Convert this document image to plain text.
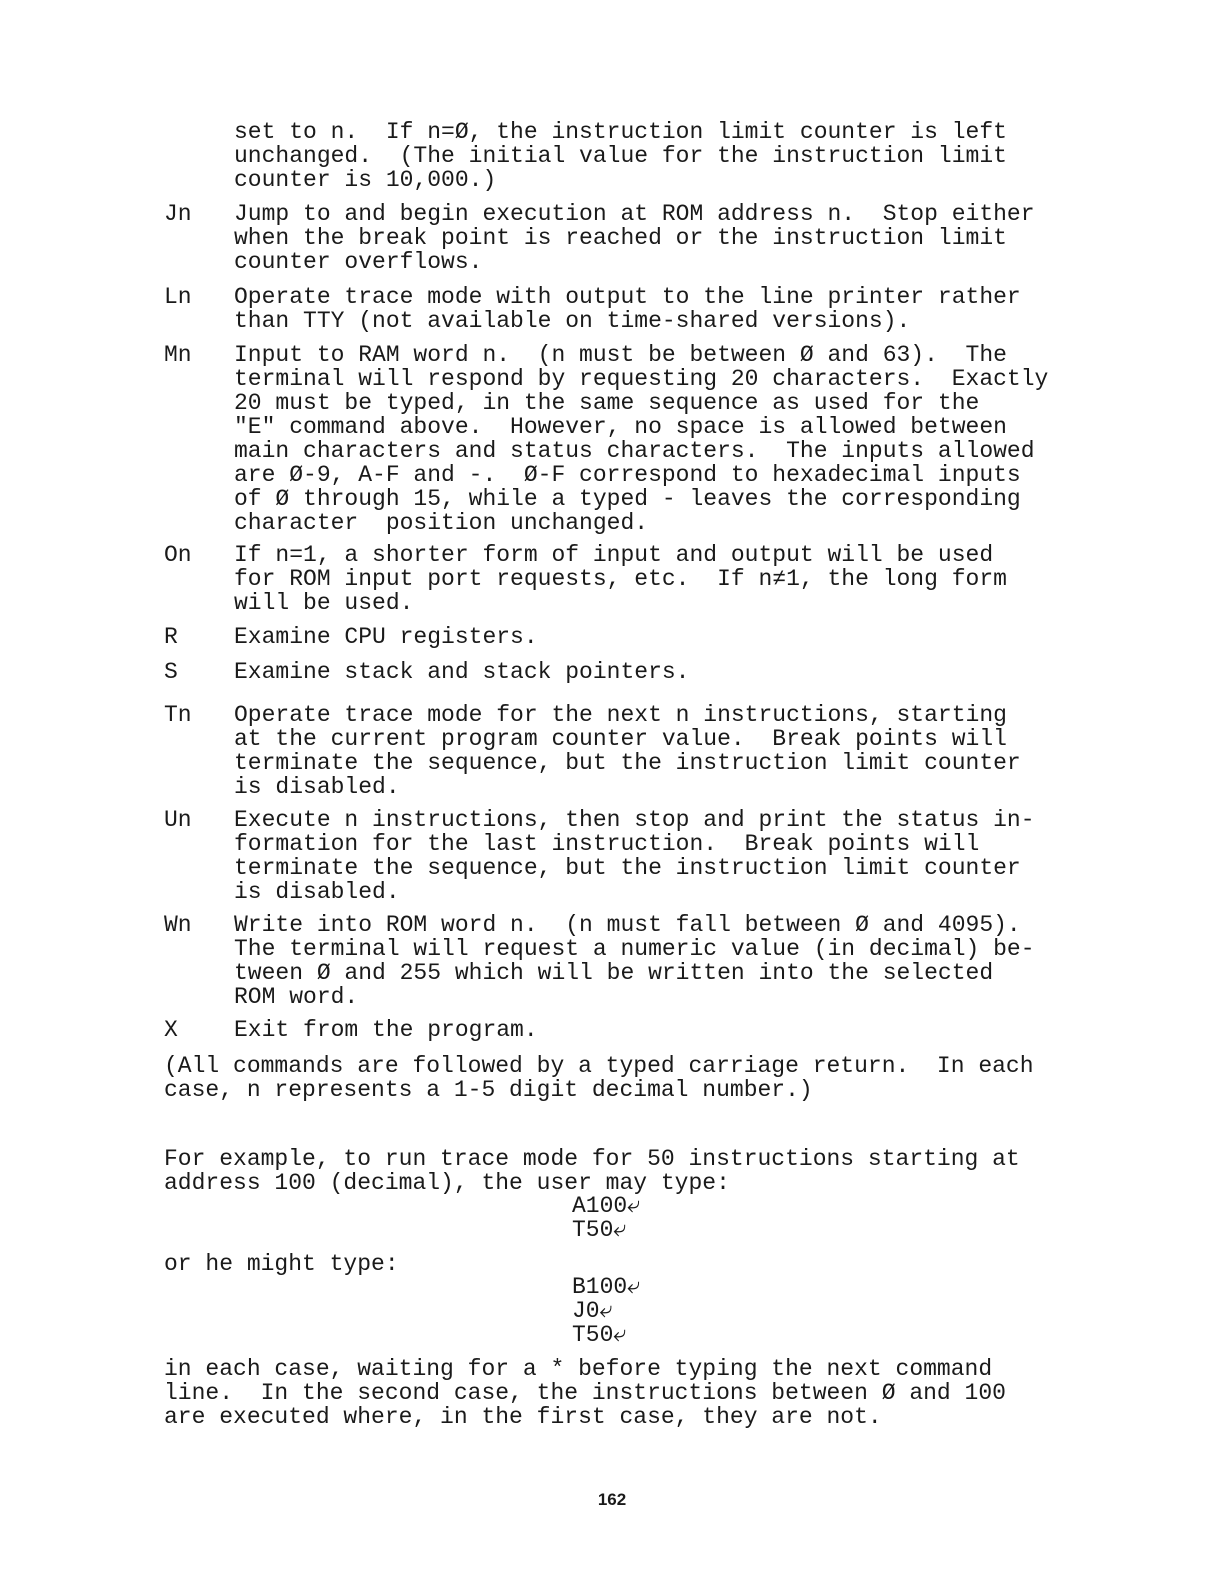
set to n.  If n=Ø, the instruction limit counter is left
unchanged.  (The initial value for the instruction limit
counter is 10,000.)
Jn Jump to and begin execution at ROM address n.  Stop either
when the break point is reached or the instruction limit
counter overflows.
Ln Operate trace mode with output to the line printer rather
than TTY (not available on time-shared versions).
Mn Input to RAM word n.  (n must be between Ø and 63).  The
terminal will respond by requesting 20 characters.  Exactly
20 must be typed, in the same sequence as used for the
"E" command above.  However, no space is allowed between
main characters and status characters.  The inputs allowed
are Ø-9, A-F and -.  Ø-F correspond to hexadecimal inputs
of Ø through 15, while a typed - leaves the corresponding
character  position unchanged.
On If n=1, a shorter form of input and output will be used
for ROM input port requests, etc.  If n≠1, the long form
will be used.
R Examine CPU registers.
S Examine stack and stack pointers.
Tn Operate trace mode for the next n instructions, starting
at the current program counter value.  Break points will
terminate the sequence, but the instruction limit counter
is disabled.
Un Execute n instructions, then stop and print the status in-
formation for the last instruction.  Break points will
terminate the sequence, but the instruction limit counter
is disabled.
Wn Write into ROM word n.  (n must fall between Ø and 4095).
The terminal will request a numeric value (in decimal) be-
tween Ø and 255 which will be written into the selected
ROM word.
X Exit from the program.
(All commands are followed by a typed carriage return.  In each
case, n represents a 1-5 digit decimal number.)
For example, to run trace mode for 50 instructions starting at
address 100 (decimal), the user may type:
A100⤶
T50⤶
or he might type:
B100⤶
J0⤶
T50⤶
in each case, waiting for a * before typing the next command
line.  In the second case, the instructions between Ø and 100
are executed where, in the first case, they are not.
162
